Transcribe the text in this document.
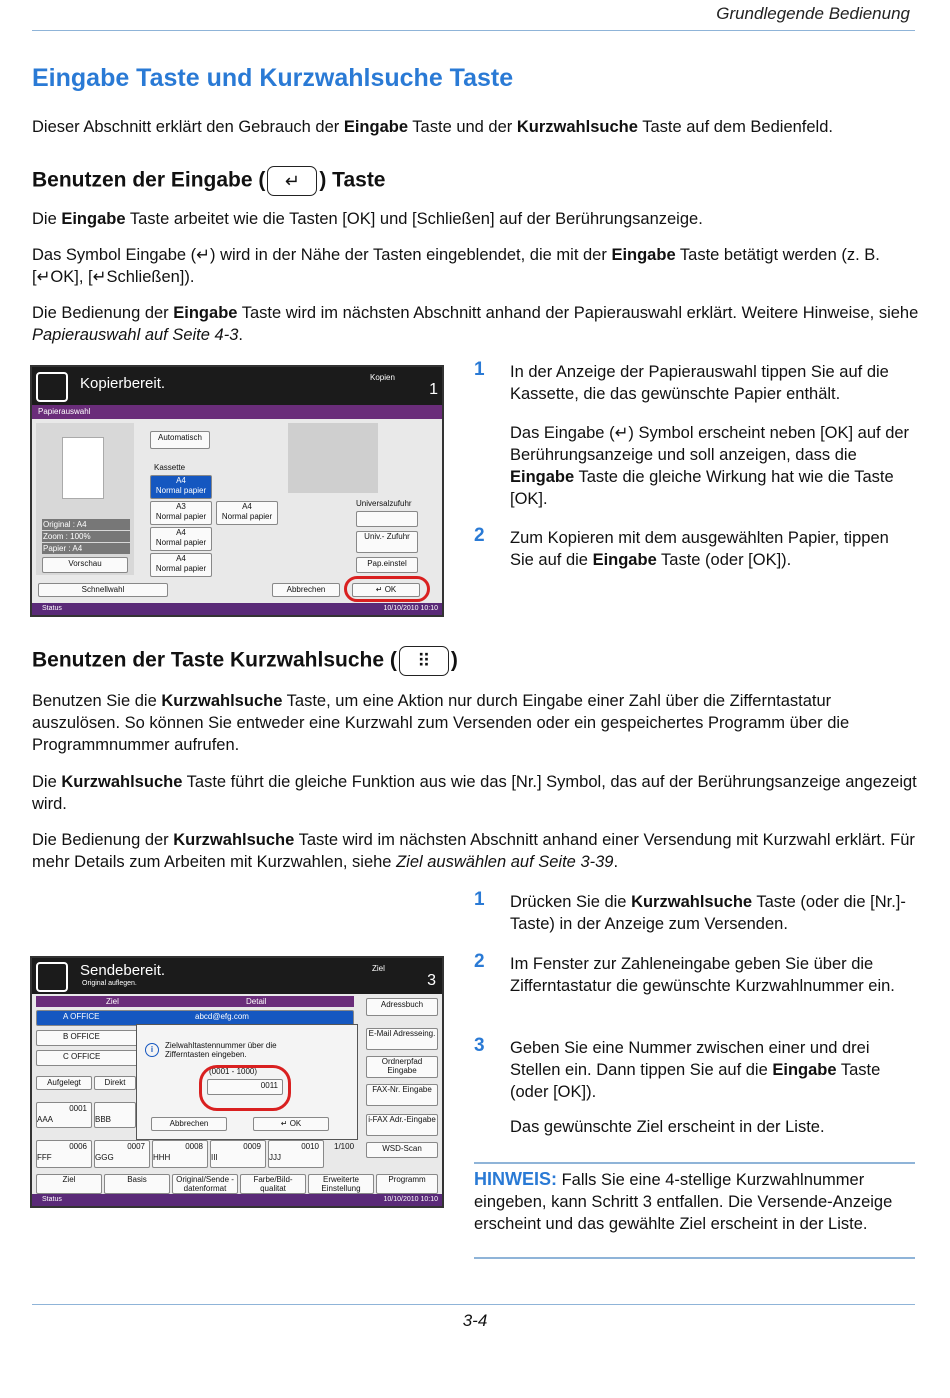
Grundlegende Bedienung
Eingabe Taste und Kurzwahlsuche Taste

Dieser Abschnitt erklärt den Gebrauch der Eingabe Taste und der Kurzwahlsuche Taste auf dem Bedienfeld.

Benutzen der Eingabe ( ↵ ) Taste

Die Eingabe Taste arbeitet wie die Tasten [OK] und [Schließen] auf der Berührungsanzeige.

Das Symbol Eingabe (↵) wird in der Nähe der Tasten eingeblendet, die mit der Eingabe Taste betätigt werden (z. B. [↵OK], [↵Schließen]).

Die Bedienung der Eingabe Taste wird im nächsten Abschnitt anhand der Papierauswahl erklärt. Weitere Hinweise, siehe Papierauswahl auf Seite 4-3.

Kopierbereit.	Kopien
1
Papierauswahl
Original : A4
Zoom : 100%
Papier : A4
Vorschau
Automatisch
Kassette
A4
Normal papier
A3
Normal papier
A4
Normal papier
A4
Normal papier
A4
Normal papier
Universalzufuhr
Univ.- Zufuhr
Pap.einstel
Schnellwahl	Abbrechen	↵ OK
Status	10/10/2010 10:10
1 In der Anzeige der Papierauswahl tippen Sie auf die Kassette, die das gewünschte Papier enthält.
Das Eingabe (↵) Symbol erscheint neben [OK] auf der Berührungsanzeige und soll anzeigen, dass die Eingabe Taste die gleiche Wirkung hat wie die Taste [OK].
2 Zum Kopieren mit dem ausgewählten Papier, tippen Sie auf die Eingabe Taste (oder [OK]).
Benutzen der Taste Kurzwahlsuche ( ⠿ )

Benutzen Sie die Kurzwahlsuche Taste, um eine Aktion nur durch Eingabe einer Zahl über die Zifferntastatur auszulösen. So können Sie entweder eine Kurzwahl zum Versenden oder ein gespeichertes Programm über die Programmnummer aufrufen.

Die Kurzwahlsuche Taste führt die gleiche Funktion aus wie das [Nr.] Symbol, das auf der Berührungsanzeige angezeigt wird.

Die Bedienung der Kurzwahlsuche Taste wird im nächsten Abschnitt anhand einer Versendung mit Kurzwahl erklärt. Für mehr Details zum Arbeiten mit Kurzwahlen, siehe Ziel auswählen auf Seite 3-39.

Sendebereit.
Original auflegen.
Ziel
3
Ziel	Detail
A OFFICE	abcd@efg.com
B OFFICE
C OFFICE
Aufgelegt	Direkt
0001
AAA
	BBB
0006
FFF
0007
GGG
0008
HHH
0009
III
0010
JJJ
1/100
i	Zielwahltastennummer über die Zifferntasten eingeben.
(0001 - 1000)
0011
Abbrechen	↵ OK
Adressbuch
E-Mail Adresseing.
Ordnerpfad Eingabe
FAX-Nr. Eingabe
i-FAX Adr.-Eingabe
WSD-Scan
Ziel	Basis	Original/Sende -datenformat
Farbe/Bild- qualitat
Erweiterte Einstellung
Programm
Status	10/10/2010 10:10
1 Drücken Sie die Kurzwahlsuche Taste (oder die [Nr.]-Taste) in der Anzeige zum Versenden.
2 Im Fenster zur Zahleneingabe geben Sie über die Zifferntastatur die gewünschte Kurzwahlnummer ein.
3 Geben Sie eine Nummer zwischen einer und drei Stellen ein. Dann tippen Sie auf die Eingabe Taste (oder [OK]).
Das gewünschte Ziel erscheint in der Liste.
HINWEIS: Falls Sie eine 4-stellige Kurzwahlnummer eingeben, kann Schritt 3 entfallen. Die Versende-Anzeige erscheint und das gewählte Ziel erscheint in der Liste.
3-4
